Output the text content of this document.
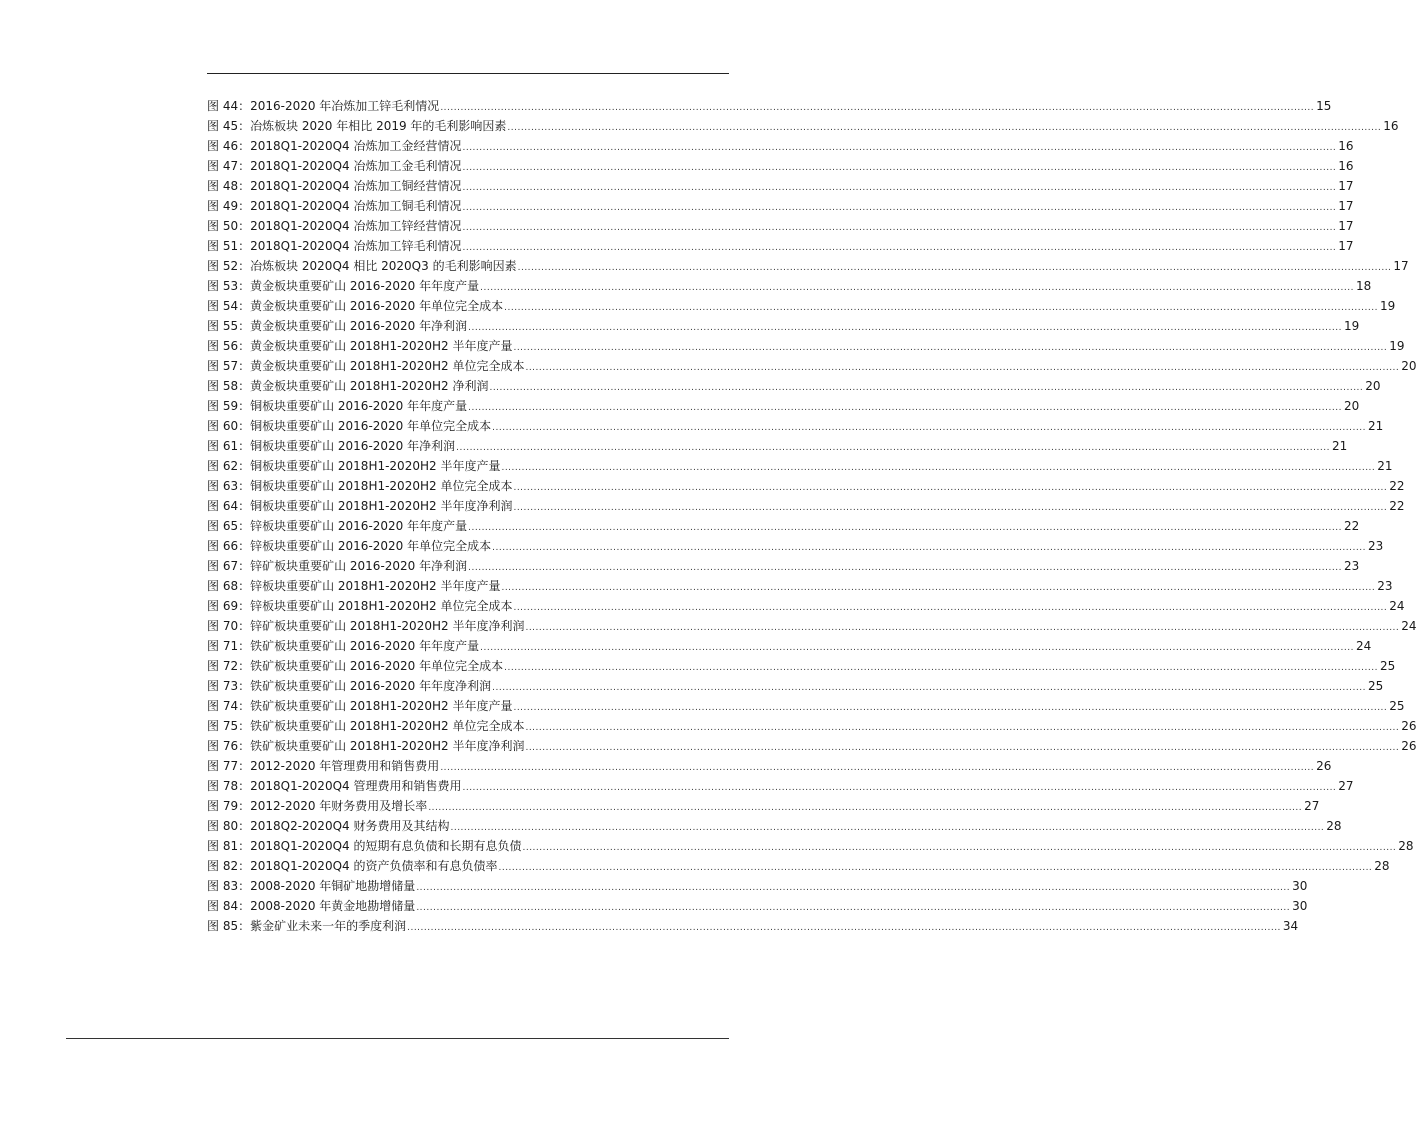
图 44：2016-2020 年冶炼加工锌毛利情况 .................................................................................................................................................................................................................................................................... 15
图 45：冶炼板块 2020 年相比 2019 年的毛利影响因素 .................................................................................................................................................................................................................................................................... 16
图 46：2018Q1-2020Q4 冶炼加工金经营情况 .................................................................................................................................................................................................................................................................... 16
图 47：2018Q1-2020Q4 冶炼加工金毛利情况 .................................................................................................................................................................................................................................................................... 16
图 48：2018Q1-2020Q4 冶炼加工铜经营情况 .................................................................................................................................................................................................................................................................... 17
图 49：2018Q1-2020Q4 冶炼加工铜毛利情况 .................................................................................................................................................................................................................................................................... 17
图 50：2018Q1-2020Q4 冶炼加工锌经营情况 .................................................................................................................................................................................................................................................................... 17
图 51：2018Q1-2020Q4 冶炼加工锌毛利情况 .................................................................................................................................................................................................................................................................... 17
图 52：冶炼板块 2020Q4 相比 2020Q3 的毛利影响因素 .................................................................................................................................................................................................................................................................... 17
图 53：黄金板块重要矿山 2016-2020 年年度产量 .................................................................................................................................................................................................................................................................... 18
图 54：黄金板块重要矿山 2016-2020 年单位完全成本 .................................................................................................................................................................................................................................................................... 19
图 55：黄金板块重要矿山 2016-2020 年净利润 .................................................................................................................................................................................................................................................................... 19
图 56：黄金板块重要矿山 2018H1-2020H2 半年度产量 .................................................................................................................................................................................................................................................................... 19
图 57：黄金板块重要矿山 2018H1-2020H2 单位完全成本 .................................................................................................................................................................................................................................................................... 20
图 58：黄金板块重要矿山 2018H1-2020H2 净利润 .................................................................................................................................................................................................................................................................... 20
图 59：铜板块重要矿山 2016-2020 年年度产量 .................................................................................................................................................................................................................................................................... 20
图 60：铜板块重要矿山 2016-2020 年单位完全成本 .................................................................................................................................................................................................................................................................... 21
图 61：铜板块重要矿山 2016-2020 年净利润 .................................................................................................................................................................................................................................................................... 21
图 62：铜板块重要矿山 2018H1-2020H2 半年度产量 .................................................................................................................................................................................................................................................................... 21
图 63：铜板块重要矿山 2018H1-2020H2 单位完全成本 .................................................................................................................................................................................................................................................................... 22
图 64：铜板块重要矿山 2018H1-2020H2 半年度净利润 .................................................................................................................................................................................................................................................................... 22
图 65：锌板块重要矿山 2016-2020 年年度产量 .................................................................................................................................................................................................................................................................... 22
图 66：锌板块重要矿山 2016-2020 年单位完全成本 .................................................................................................................................................................................................................................................................... 23
图 67：锌矿板块重要矿山 2016-2020 年净利润 .................................................................................................................................................................................................................................................................... 23
图 68：锌板块重要矿山 2018H1-2020H2 半年度产量 .................................................................................................................................................................................................................................................................... 23
图 69：锌板块重要矿山 2018H1-2020H2 单位完全成本 .................................................................................................................................................................................................................................................................... 24
图 70：锌矿板块重要矿山 2018H1-2020H2 半年度净利润 .................................................................................................................................................................................................................................................................... 24
图 71：铁矿板块重要矿山 2016-2020 年年度产量 .................................................................................................................................................................................................................................................................... 24
图 72：铁矿板块重要矿山 2016-2020 年单位完全成本 .................................................................................................................................................................................................................................................................... 25
图 73：铁矿板块重要矿山 2016-2020 年年度净利润 .................................................................................................................................................................................................................................................................... 25
图 74：铁矿板块重要矿山 2018H1-2020H2 半年度产量 .................................................................................................................................................................................................................................................................... 25
图 75：铁矿板块重要矿山 2018H1-2020H2 单位完全成本 .................................................................................................................................................................................................................................................................... 26
图 76：铁矿板块重要矿山 2018H1-2020H2 半年度净利润 .................................................................................................................................................................................................................................................................... 26
图 77：2012-2020 年管理费用和销售费用 .................................................................................................................................................................................................................................................................... 26
图 78：2018Q1-2020Q4 管理费用和销售费用 .................................................................................................................................................................................................................................................................... 27
图 79：2012-2020 年财务费用及增长率 .................................................................................................................................................................................................................................................................... 27
图 80：2018Q2-2020Q4 财务费用及其结构 .................................................................................................................................................................................................................................................................... 28
图 81：2018Q1-2020Q4 的短期有息负债和长期有息负债 .................................................................................................................................................................................................................................................................... 28
图 82：2018Q1-2020Q4 的资产负债率和有息负债率 .................................................................................................................................................................................................................................................................... 28
图 83：2008-2020 年铜矿地勘增储量 .................................................................................................................................................................................................................................................................... 30
图 84：2008-2020 年黄金地勘增储量 .................................................................................................................................................................................................................................................................... 30
图 85：紫金矿业未来一年的季度利润 .................................................................................................................................................................................................................................................................... 34
